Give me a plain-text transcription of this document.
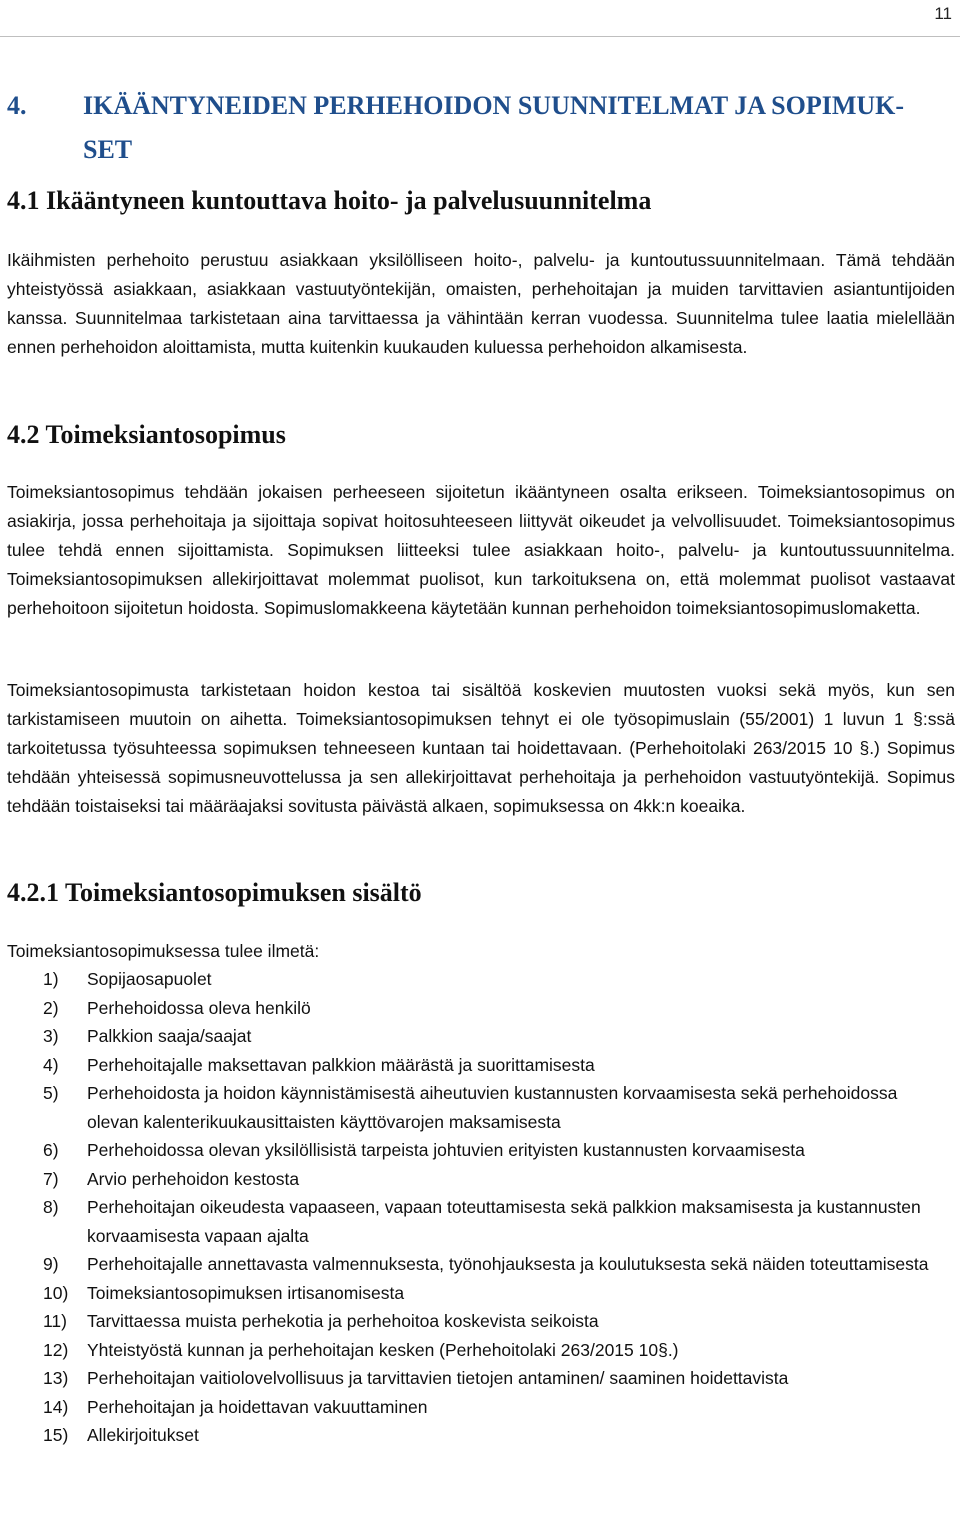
11
4. IKÄÄNTYNEIDEN PERHEHOIDON SUUNNITELMAT JA SOPIMUK-
SET
4.1 Ikääntyneen kuntouttava hoito- ja palvelusuunnitelma

Ikäihmisten perhehoito perustuu asiakkaan yksilölliseen hoito-, palvelu- ja kuntoutussuunnitelmaan. Tämä tehdään yhteistyössä asiakkaan, asiakkaan vastuutyöntekijän, omaisten, perhehoitajan ja muiden tarvittavien asiantuntijoiden kanssa. Suunnitelmaa tarkistetaan aina tarvittaessa ja vähintään kerran vuodessa. Suunnitelma tulee laatia mielellään ennen perhehoidon aloittamista, mutta kuitenkin kuukauden kuluessa perhehoidon alkamisesta.

4.2 Toimeksiantosopimus

Toimeksiantosopimus tehdään jokaisen perheeseen sijoitetun ikääntyneen osalta erikseen. Toimeksiantosopimus on asiakirja, jossa perhehoitaja ja sijoittaja sopivat hoitosuhteeseen liittyvät oikeudet ja velvollisuudet. Toimeksiantosopimus tulee tehdä ennen sijoittamista. Sopimuksen liitteeksi tulee asiakkaan hoito-, palvelu- ja kuntoutussuunnitelma. Toimeksiantosopimuksen allekirjoittavat molemmat puolisot, kun tarkoituksena on, että molemmat puolisot vastaavat perhehoitoon sijoitetun hoidosta. Sopimuslomakkeena käytetään kunnan perhehoidon toimeksiantosopimuslomaketta.

Toimeksiantosopimusta tarkistetaan hoidon kestoa tai sisältöä koskevien muutosten vuoksi sekä myös, kun sen tarkistamiseen muutoin on aihetta. Toimeksiantosopimuksen tehnyt ei ole työsopimuslain (55/2001) 1 luvun 1 §:ssä tarkoitetussa työsuhteessa sopimuksen tehneeseen kuntaan tai hoidettavaan. (Perhehoitolaki 263/2015 10 §.) Sopimus tehdään yhteisessä sopimusneuvottelussa ja sen allekirjoittavat perhehoitaja ja perhehoidon vastuutyöntekijä. Sopimus tehdään toistaiseksi tai määräajaksi sovitusta päivästä alkaen, sopimuksessa on 4kk:n koeaika.

4.2.1 Toimeksiantosopimuksen sisältö

Toimeksiantosopimuksessa tulee ilmetä:

1)	Sopijaosapuolet
2)	Perhehoidossa oleva henkilö
3)	Palkkion saaja/saajat
4)	Perhehoitajalle maksettavan palkkion määrästä ja suorittamisesta
5)	Perhehoidosta ja hoidon käynnistämisestä aiheutuvien kustannusten korvaamisesta sekä perhehoidossa olevan kalenterikuukausittaisten käyttövarojen maksamisesta
6)	Perhehoidossa olevan yksilöllisistä tarpeista johtuvien erityisten kustannusten korvaamisesta
7)	Arvio perhehoidon kestosta
8)	Perhehoitajan oikeudesta vapaaseen, vapaan toteuttamisesta sekä palkkion maksamisesta ja kustannusten korvaamisesta vapaan ajalta
9)	Perhehoitajalle annettavasta valmennuksesta, työnohjauksesta ja koulutuksesta sekä näiden toteuttamisesta
10)	Toimeksiantosopimuksen irtisanomisesta
11)	Tarvittaessa muista perhekotia ja perhehoitoa koskevista seikoista
12)	Yhteistyöstä kunnan ja perhehoitajan kesken (Perhehoitolaki 263/2015 10§.)
13)	Perhehoitajan vaitiolovelvollisuus ja tarvittavien tietojen antaminen/ saaminen hoidettavista
14)	Perhehoitajan ja hoidettavan vakuuttaminen
15)	Allekirjoitukset
